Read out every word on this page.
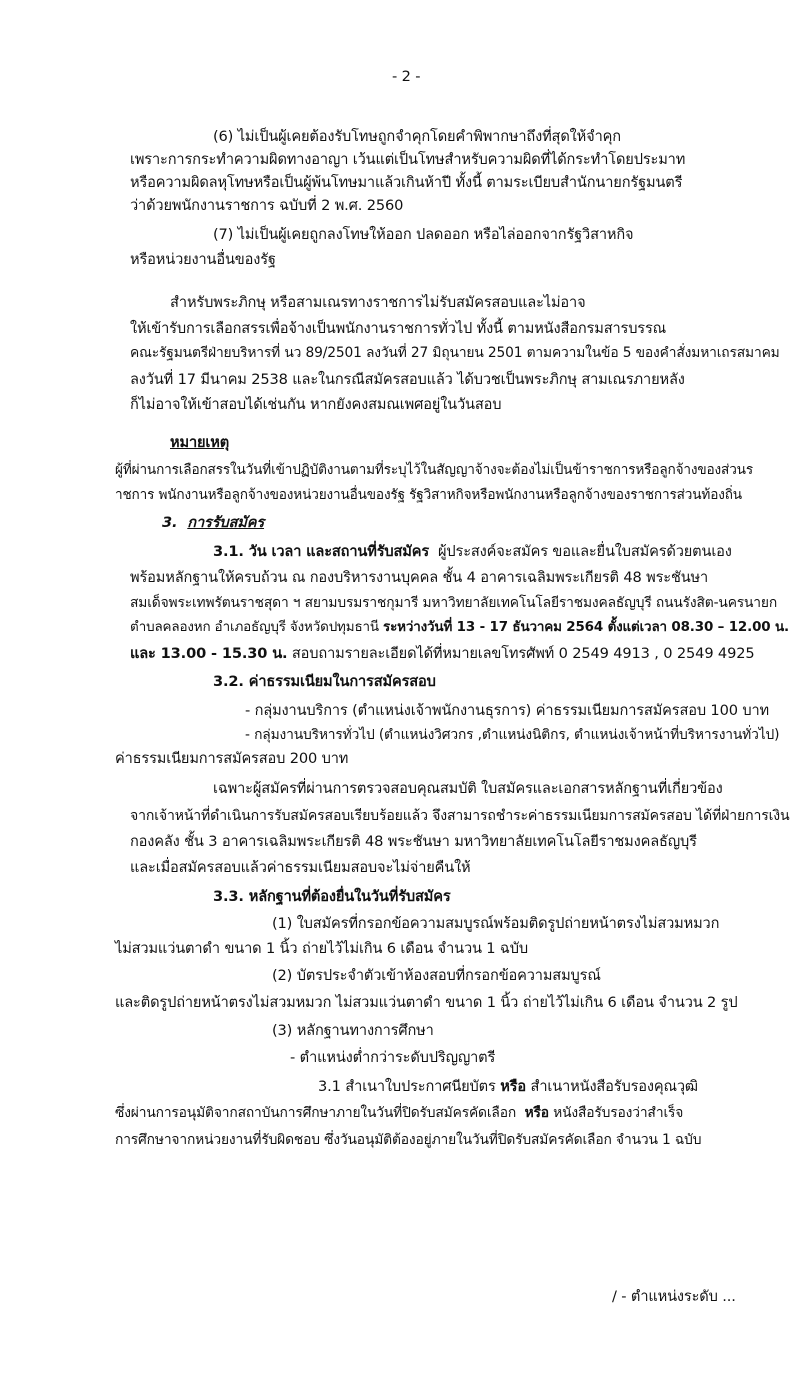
- 2 -
(6) ไม่เป็นผู้เคยต้องรับโทษถูกจำคุกโดยคำพิพากษาถึงที่สุดให้จำคุก
เพราะการกระทำความผิดทางอาญา เว้นแต่เป็นโทษสำหรับความผิดที่ได้กระทำโดยประมาท
หรือความผิดลหุโทษหรือเป็นผู้พ้นโทษมาแล้วเกินห้าปี ทั้งนี้ ตามระเบียบสำนักนายกรัฐมนตรี
ว่าด้วยพนักงานราชการ ฉบับที่ 2 พ.ศ. 2560
(7) ไม่เป็นผู้เคยถูกลงโทษให้ออก ปลดออก หรือไล่ออกจากรัฐวิสาหกิจ
หรือหน่วยงานอื่นของรัฐ
สำหรับพระภิกษุ หรือสามเณรทางราชการไม่รับสมัครสอบและไม่อาจ
ให้เข้ารับการเลือกสรรเพื่อจ้างเป็นพนักงานราชการทั่วไป ทั้งนี้ ตามหนังสือกรมสารบรรณ
คณะรัฐมนตรีฝ่ายบริหารที่ นว 89/2501 ลงวันที่ 27 มิถุนายน 2501 ตามความในข้อ 5 ของคำสั่งมหาเถรสมาคม
ลงวันที่ 17 มีนาคม 2538 และในกรณีสมัครสอบแล้ว ได้บวชเป็นพระภิกษุ สามเณรภายหลัง
ก็ไม่อาจให้เข้าสอบได้เช่นกัน หากยังคงสมณเพศอยู่ในวันสอบ
หมายเหตุ
ผู้ที่ผ่านการเลือกสรรในวันที่เข้าปฏิบัติงานตามที่ระบุไว้ในสัญญาจ้างจะต้องไม่เป็นข้าราชการหรือลูกจ้างของส่วนร
าชการ พนักงานหรือลูกจ้างของหน่วยงานอื่นของรัฐ รัฐวิสาหกิจหรือพนักงานหรือลูกจ้างของราชการส่วนท้องถิ่น
3. การรับสมัคร
3.1. วัน เวลา และสถานที่รับสมัคร ผู้ประสงค์จะสมัคร ขอและยื่นใบสมัครด้วยตนเอง
พร้อมหลักฐานให้ครบถ้วน ณ กองบริหารงานบุคคล ชั้น 4 อาคารเฉลิมพระเกียรติ 48 พระชันษา
สมเด็จพระเทพรัตนราชสุดา ฯ สยามบรมราชกุมารี มหาวิทยาลัยเทคโนโลยีราชมงคลธัญบุรี ถนนรังสิต-นครนายก
ตำบลคลองหก อำเภอธัญบุรี จังหวัดปทุมธานี ระหว่างวันที่ 13 - 17 ธันวาคม 2564 ตั้งแต่เวลา 08.30 – 12.00 น.
และ 13.00 - 15.30 น. สอบถามรายละเอียดได้ที่หมายเลขโทรศัพท์ 0 2549 4913 , 0 2549 4925
3.2. ค่าธรรมเนียมในการสมัครสอบ
- กลุ่มงานบริการ (ตำแหน่งเจ้าพนักงานธุรการ) ค่าธรรมเนียมการสมัครสอบ 100 บาท
- กลุ่มงานบริหารทั่วไป (ตำแหน่งวิศวกร ,ตำแหน่งนิติกร, ตำแหน่งเจ้าหน้าที่บริหารงานทั่วไป)
ค่าธรรมเนียมการสมัครสอบ 200 บาท
เฉพาะผู้สมัครที่ผ่านการตรวจสอบคุณสมบัติ ใบสมัครและเอกสารหลักฐานที่เกี่ยวข้อง
จากเจ้าหน้าที่ดำเนินการรับสมัครสอบเรียบร้อยแล้ว จึงสามารถชำระค่าธรรมเนียมการสมัครสอบ ได้ที่ฝ่ายการเงิน
กองคลัง ชั้น 3 อาคารเฉลิมพระเกียรติ 48 พระชันษา มหาวิทยาลัยเทคโนโลยีราชมงคลธัญบุรี
และเมื่อสมัครสอบแล้วค่าธรรมเนียมสอบจะไม่จ่ายคืนให้
3.3. หลักฐานที่ต้องยื่นในวันที่รับสมัคร
(1) ใบสมัครที่กรอกข้อความสมบูรณ์พร้อมติดรูปถ่ายหน้าตรงไม่สวมหมวก
ไม่สวมแว่นตาดำ ขนาด 1 นิ้ว ถ่ายไว้ไม่เกิน 6 เดือน จำนวน 1 ฉบับ
(2) บัตรประจำตัวเข้าห้องสอบที่กรอกข้อความสมบูรณ์
และติดรูปถ่ายหน้าตรงไม่สวมหมวก ไม่สวมแว่นตาดำ ขนาด 1 นิ้ว ถ่ายไว้ไม่เกิน 6 เดือน จำนวน 2 รูป
(3) หลักฐานทางการศึกษา
- ตำแหน่งต่ำกว่าระดับปริญญาตรี
3.1 สำเนาใบประกาศนียบัตร หรือ สำเนาหนังสือรับรองคุณวุฒิ
ซึ่งผ่านการอนุมัติจากสถาบันการศึกษาภายในวันที่ปิดรับสมัครคัดเลือก หรือ หนังสือรับรองว่าสำเร็จ
การศึกษาจากหน่วยงานที่รับผิดชอบ ซึ่งวันอนุมัติต้องอยู่ภายในวันที่ปิดรับสมัครคัดเลือก จำนวน 1 ฉบับ
/ - ตำแหน่งระดับ ...
